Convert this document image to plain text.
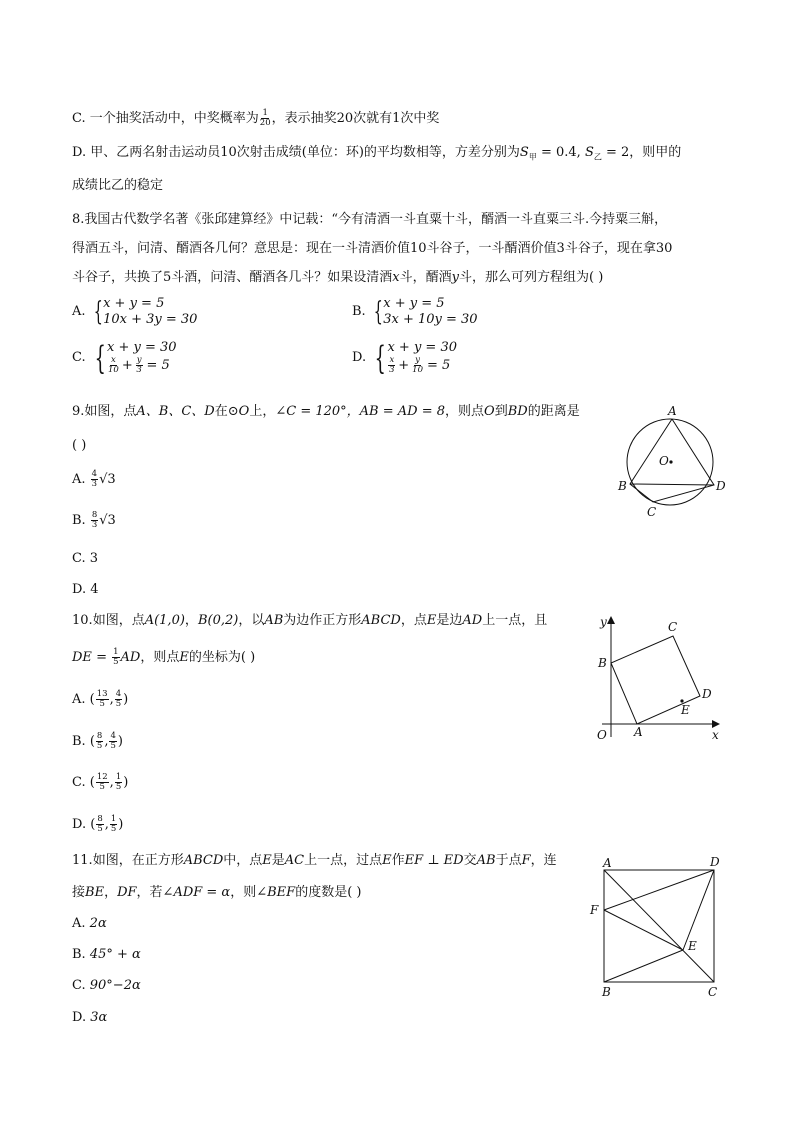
C. 一个抽奖活动中，中奖概率为 $\frac{1}{20}$ ，表示抽奖20次就有1次中奖
D. 甲、乙两名射击运动员10次射击成绩(单位：环)的平均数相等，方差分别为$S_甲 = 0.4$, $S_乙 = 2$，则甲的
成绩比乙的稳定
8.我国古代数学名著《张邱建算经》中记载：“今有清酒一斗直粟十斗，醑酒一斗直粟三斗.今持粟三斛，
得酒五斗，问清、醑酒各几何？意思是：现在一斗清酒价值10斗谷子，一斗醑酒价值3斗谷子，现在拿30
斗谷子，共换了5斗酒，问清、醑酒各几斗？如果设清酒x斗，醑酒y斗，那么可列方程组为( )
A. { x + y = 5
10x + 3y = 30
B. { x + y = 5
3x + 10y = 30
C. { x + y = 30
x
$10 + \frac{y}{3} = 5$
D. { x + y = 30
x
$3 + \frac{y}{10} = 5$
9.如图，点A、B、C、D在⊙O上，∠C = 120°，AB = AD = 8，则点O到BD的距离是
( )
A. $\frac{4}{3} √3$
B. $\frac{8}{3} √3$
C. 3
D. 4
A
B
C
D
O
10.如图，点A(1,0)，B(0,2)，以AB为边作正方形ABCD，点E是边AD上一点，且
DE = $\frac{1}{5}$ AD，则点E的坐标为( )
A. ( $\frac{13}{5}$ , $\frac{4}{5}$ )
B. ( $\frac{8}{5}$ , $\frac{4}{5}$ )
C. ( $\frac{12}{5}$ , $\frac{1}{5}$ )
D. ( $\frac{8}{5}$ , $\frac{1}{5}$ )
y
x
O A
B
C
D
E
11.如图，在正方形ABCD中，点E是AC上一点，过点E作EF ⊥ ED交AB于点F，连
接BE，DF，若∠ADF = α，则∠BEF的度数是( )
A. 2α
B. 45° + α
C. 90°−2α
D. 3α
A	D
F
E
B	C
